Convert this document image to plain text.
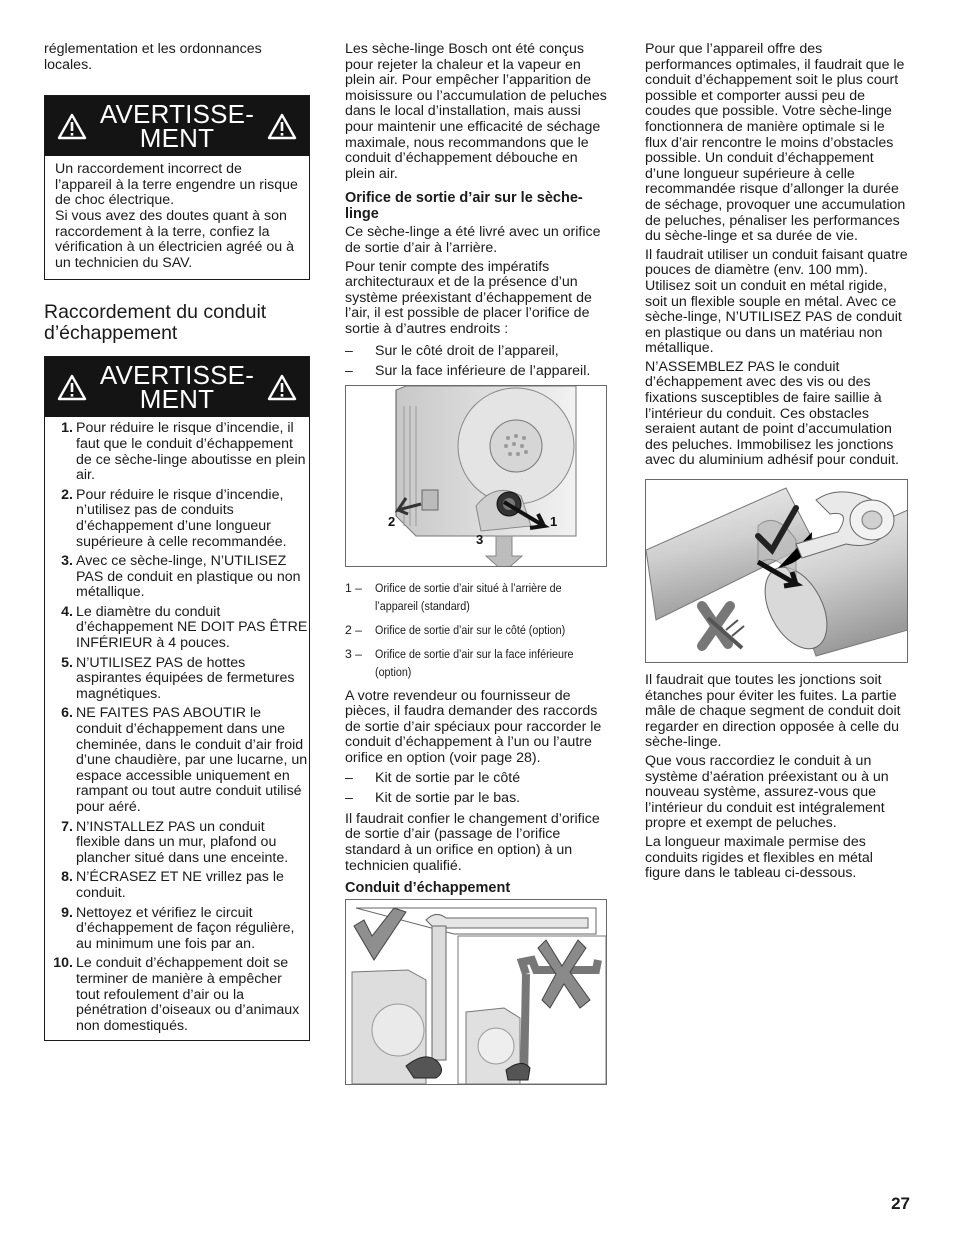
réglementation et les ordonnances locales.

AVERTISSE-
MENT
Un raccordement incorrect de l’appareil à la terre engendre un risque de choc électrique.
Si vous avez des doutes quant à son raccordement à la terre, confiez la vérification à un électricien agréé ou à un technicien du SAV.
Raccordement du conduit d’échappement
AVERTISSE-
MENT
1. Pour réduire le risque d’incendie, il faut que le conduit d’échappement de ce sèche-linge aboutisse en plein air.
2. Pour réduire le risque d’incendie, n’utilisez pas de conduits d’échappement d’une longueur supérieure à celle recommandée.
3. Avec ce sèche-linge, N’UTILISEZ PAS de conduit en plastique ou non métallique.
4. Le diamètre du conduit d’échappement NE DOIT PAS ÊTRE INFÉRIEUR à 4 pouces.
5. N’UTILISEZ PAS de hottes aspirantes équipées de fermetures magnétiques.
6. NE FAITES PAS ABOUTIR le conduit d’échappement dans une cheminée, dans le conduit d’air froid d’une chaudière, par une lucarne, un espace accessible uniquement en rampant ou tout autre conduit utilisé pour aéré.
7. N’INSTALLEZ PAS un conduit flexible dans un mur, plafond ou plancher situé dans une enceinte.
8. N’ÉCRASEZ ET NE vrillez pas le conduit.
9. Nettoyez et vérifiez le circuit d’échappement de façon régulière, au minimum une fois par an.
10. Le conduit d’échappement doit se terminer de manière à empêcher tout refoulement d’air ou la pénétration d’oiseaux ou d’animaux non domestiqués.

Les sèche-linge Bosch ont été conçus pour rejeter la chaleur et la vapeur en plein air. Pour empêcher l’apparition de moisissure ou l’accumulation de peluches dans le local d’installation, mais aussi pour maintenir une efficacité de séchage maximale, nous recommandons que le conduit d’échappement débouche en plein air.

Orifice de sortie d’air sur le sèche-linge

Ce sèche-linge a été livré avec un orifice de sortie d’air à l’arrière.

Pour tenir compte des impératifs architecturaux et de la présence d’un système préexistant d’échappement de l’air, il est possible de placer l’orifice de sortie à d’autres endroits :

– Sur le côté droit de l’appareil,
– Sur la face inférieure de l’appareil.
2	1
3
1 –	Orifice de sortie d’air situé à l’arrière de l’appareil (standard)
2 –	Orifice de sortie d’air sur le côté (option)
3 –	Orifice de sortie d’air sur la face inférieure (option)

A votre revendeur ou fournisseur de pièces, il faudra demander des raccords de sortie d’air spéciaux pour raccorder le conduit d’échappement à l’un ou l’autre orifice en option (voir page 28).

– Kit de sortie par le côté
– Kit de sortie par le bas.

Il faudrait confier le changement d’orifice de sortie d’air (passage de l’orifice standard à un orifice en option) à un technicien qualifié.

Conduit d’échappement

Pour que l’appareil offre des performances optimales, il faudrait que le conduit d’échappement soit le plus court possible et comporter aussi peu de coudes que possible. Votre sèche-linge fonctionnera de manière optimale si le flux d’air rencontre le moins d’obstacles possible. Un conduit d’échappement d’une longueur supérieure à celle recommandée risque d’allonger la durée de séchage, provoquer une accumulation de peluches, pénaliser les performances du sèche-linge et sa durée de vie.

Il faudrait utiliser un conduit faisant quatre pouces de diamètre (env. 100 mm). Utilisez soit un conduit en métal rigide, soit un flexible souple en métal. Avec ce sèche-linge, N’UTILISEZ PAS de conduit en plastique ou dans un matériau non métallique.

N’ASSEMBLEZ PAS le conduit d’échappement avec des vis ou des fixations susceptibles de faire saillie à l’intérieur du conduit. Ces obstacles seraient autant de point d’accumulation des peluches. Immobilisez les jonctions avec du aluminium adhésif pour conduit.

Il faudrait que toutes les jonctions soit étanches pour éviter les fuites. La partie mâle de chaque segment de conduit doit regarder en direction opposée à celle du sèche-linge.

Que vous raccordiez le conduit à un système d’aération préexistant ou à un nouveau système, assurez-vous que l’intérieur du conduit est intégralement propre et exempt de peluches.

La longueur maximale permise des conduits rigides et flexibles en métal figure dans le tableau ci-dessous.

27
